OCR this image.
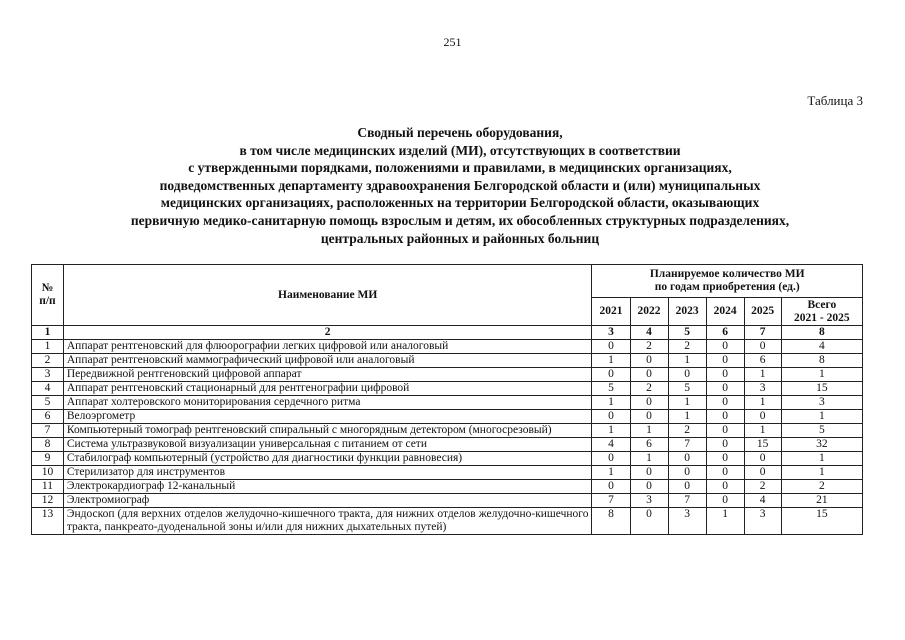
251
Таблица 3
Сводный перечень оборудования,
в том числе медицинских изделий (МИ), отсутствующих в соответствии
с утвержденными порядками, положениями и правилами, в медицинских организациях,
подведомственных департаменту здравоохранения Белгородской области и (или) муниципальных
медицинских организациях, расположенных на территории Белгородской области, оказывающих
первичную медико-санитарную помощь взрослым и детям, их обособленных структурных подразделениях,
центральных районных и районных больниц
№
п/п	Наименование МИ	Планируемое количество МИ
по годам приобретения (ед.)					
		2021	2022	2023	2024	2025	Всего
2021 - 2025
1	2	3	4	5	6	7	8
1	Аппарат рентгеновский для флюорографии легких цифровой или аналоговый	0	2	2	0	0	4
2	Аппарат рентгеновский маммографический цифровой или аналоговый	1	0	1	0	6	8
3	Передвижной рентгеновский цифровой аппарат	0	0	0	0	1	1
4	Аппарат рентгеновский стационарный для рентгенографии цифровой	5	2	5	0	3	15
5	Аппарат холтеровского мониторирования сердечного ритма	1	0	1	0	1	3
6	Велоэргометр	0	0	1	0	0	1
7	Компьютерный томограф рентгеновский спиральный с многорядным детектором (многосрезовый)	1	1	2	0	1	5
8	Система ультразвуковой визуализации универсальная с питанием от сети	4	6	7	0	15	32
9	Стабилограф компьютерный (устройство для диагностики функции равновесия)	0	1	0	0	0	1
10	Стерилизатор для инструментов	1	0	0	0	0	1
11	Электрокардиограф 12-канальный	0	0	0	0	2	2
12	Электромиограф	7	3	7	0	4	21
13	Эндоскоп (для верхних отделов желудочно-кишечного тракта, для нижних отделов желудочно-кишечного тракта, панкреато-дуоденальной зоны и/или для нижних дыхательных путей)	8	0	3	1	3	15
